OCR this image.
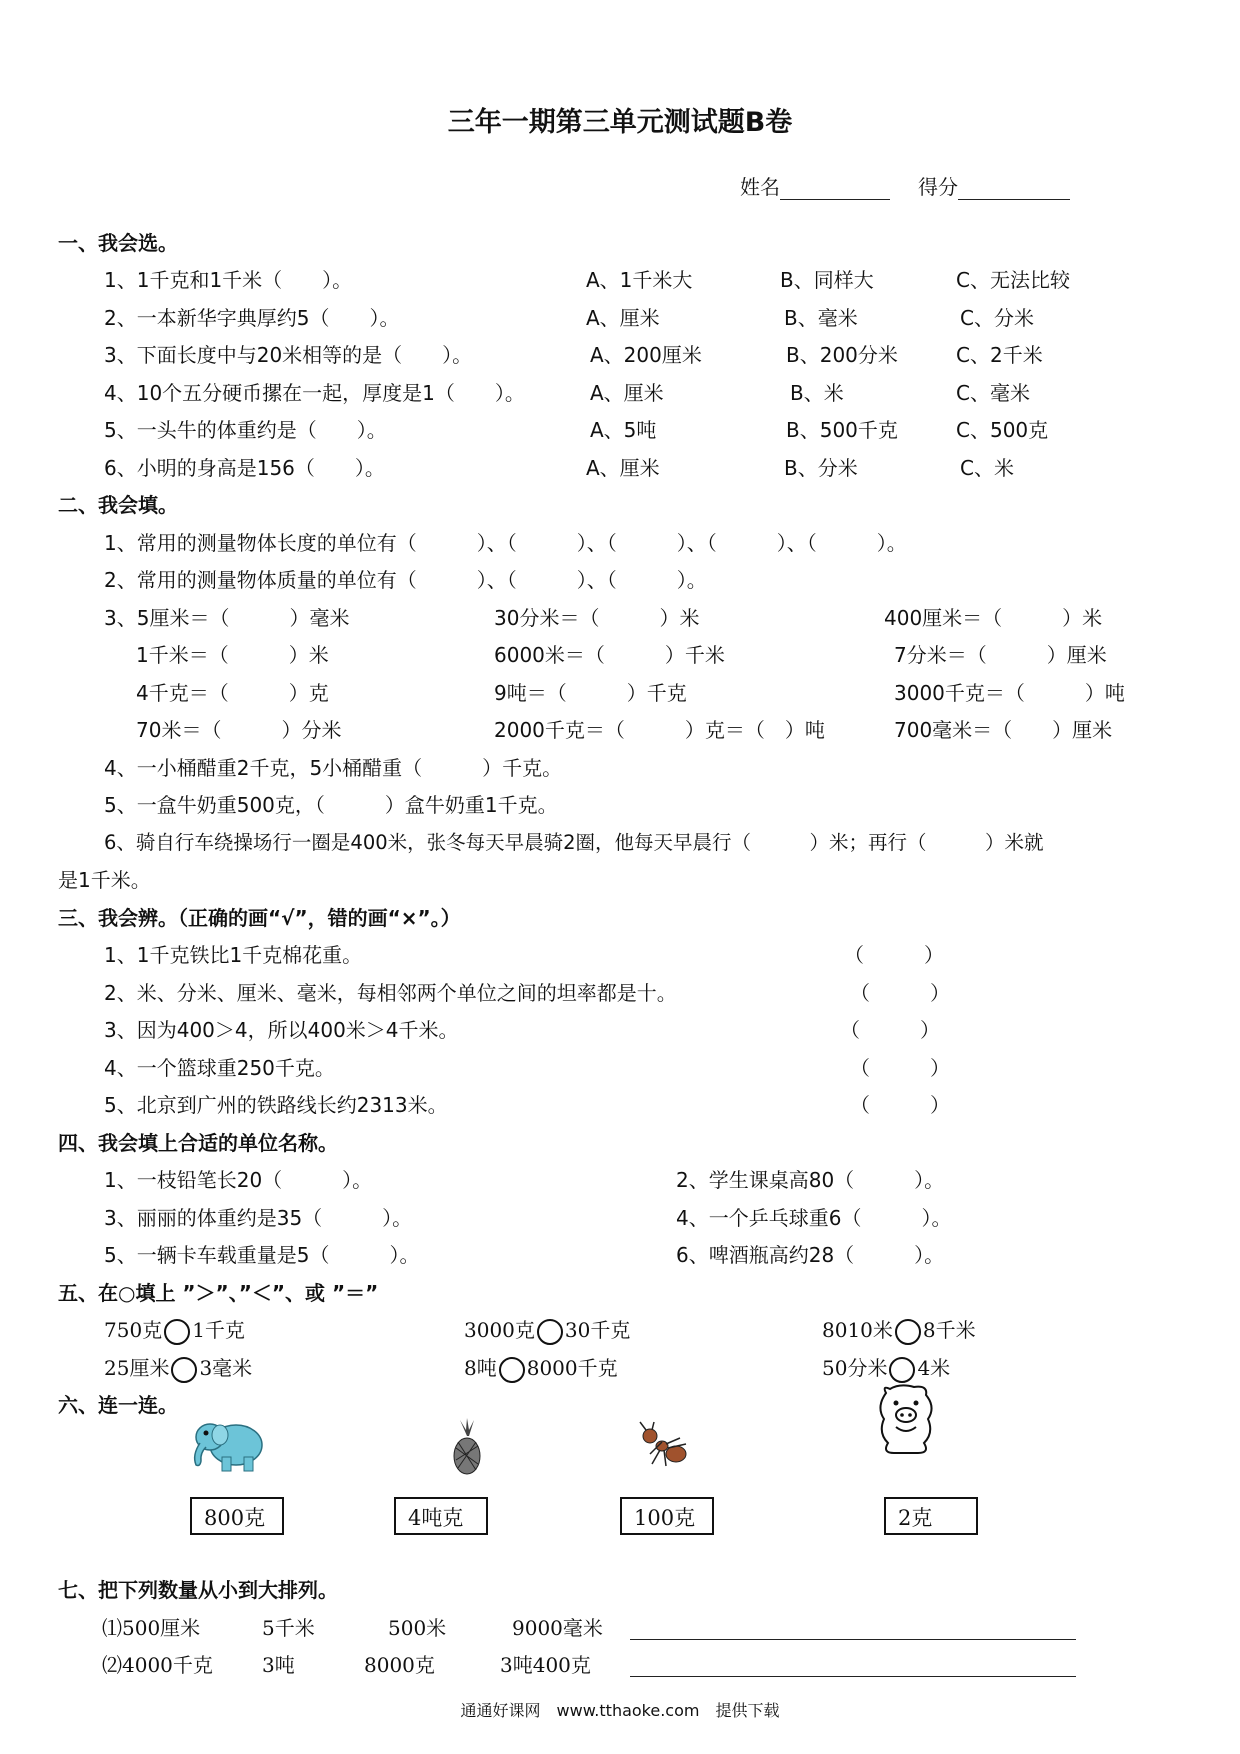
三年一期第三单元测试题B卷
姓名	得分
一、我会选。
1、1千克和1千米（　　）。	A、1千米大	B、同样大	C、无法比较
2、一本新华字典厚约5（　　）。	A、厘米	B、毫米	C、分米
3、下面长度中与20米相等的是（　　）。	A、200厘米	B、200分米	C、2千米
4、10个五分硬币摞在一起，厚度是1（　　）。	A、厘米	B、米	C、毫米
5、一头牛的体重约是（　　）。	A、5吨	B、500千克	C、500克
6、小明的身高是156（　　）。	A、厘米	B、分米	C、米
二、我会填。
1、常用的测量物体长度的单位有（　　　）、（　　　）、（　　　）、（　　　）、（　　　）。
2、常用的测量物体质量的单位有（　　　）、（　　　）、（　　　）。
3、5厘米＝（　　　）毫米	30分米＝（　　　）米	400厘米＝（　　　）米
1千米＝（　　　）米	6000米＝（　　　）千米	7分米＝（　　　）厘米
4千克＝（　　　）克	9吨＝（　　　）千克	3000千克＝（　　　）吨
70米＝（　　　）分米	2000千克＝（　　　）克＝（　）吨	700毫米＝（　　）厘米
4、一小桶醋重2千克，5小桶醋重（　　　）千克。
5、一盒牛奶重500克，（　　　）盒牛奶重1千克。
6、骑自行车绕操场行一圈是400米，张冬每天早晨骑2圈，他每天早晨行（　　　）米；再行（　　　）米就
是1千米。
三、我会辨。（正确的画“√”，错的画“×”。）
1、1千克铁比1千克棉花重。	（　　　）
2、米、分米、厘米、毫米，每相邻两个单位之间的坦率都是十。	（　　　）
3、因为400＞4，所以400米＞4千米。	（　　　）
4、一个篮球重250千克。	（　　　）
5、北京到广州的铁路线长约2313米。	（　　　）
四、我会填上合适的单位名称。
1、一枝铅笔长20（　　　）。	2、学生课桌高80（　　　）。
3、丽丽的体重约是35（　　　）。	4、一个乒乓球重6（　　　）。
5、一辆卡车载重量是5（　　　）。	6、啤酒瓶高约28（　　　）。
五、在○填上 ”＞”、”＜”、或 ”＝”
750克 1千克	3000克 30千克	8010米 8千米
25厘米 3毫米	8吨 8000千克	50分米 4米
六、连一连。
800克	4吨克	100克	2克
七、把下列数量从小到大排列。
⑴500厘米	5千米	500米	9000毫米
⑵4000千克 3吨	8000克	3吨400克
通通好课网　www.tthaoke.com　提供下载
